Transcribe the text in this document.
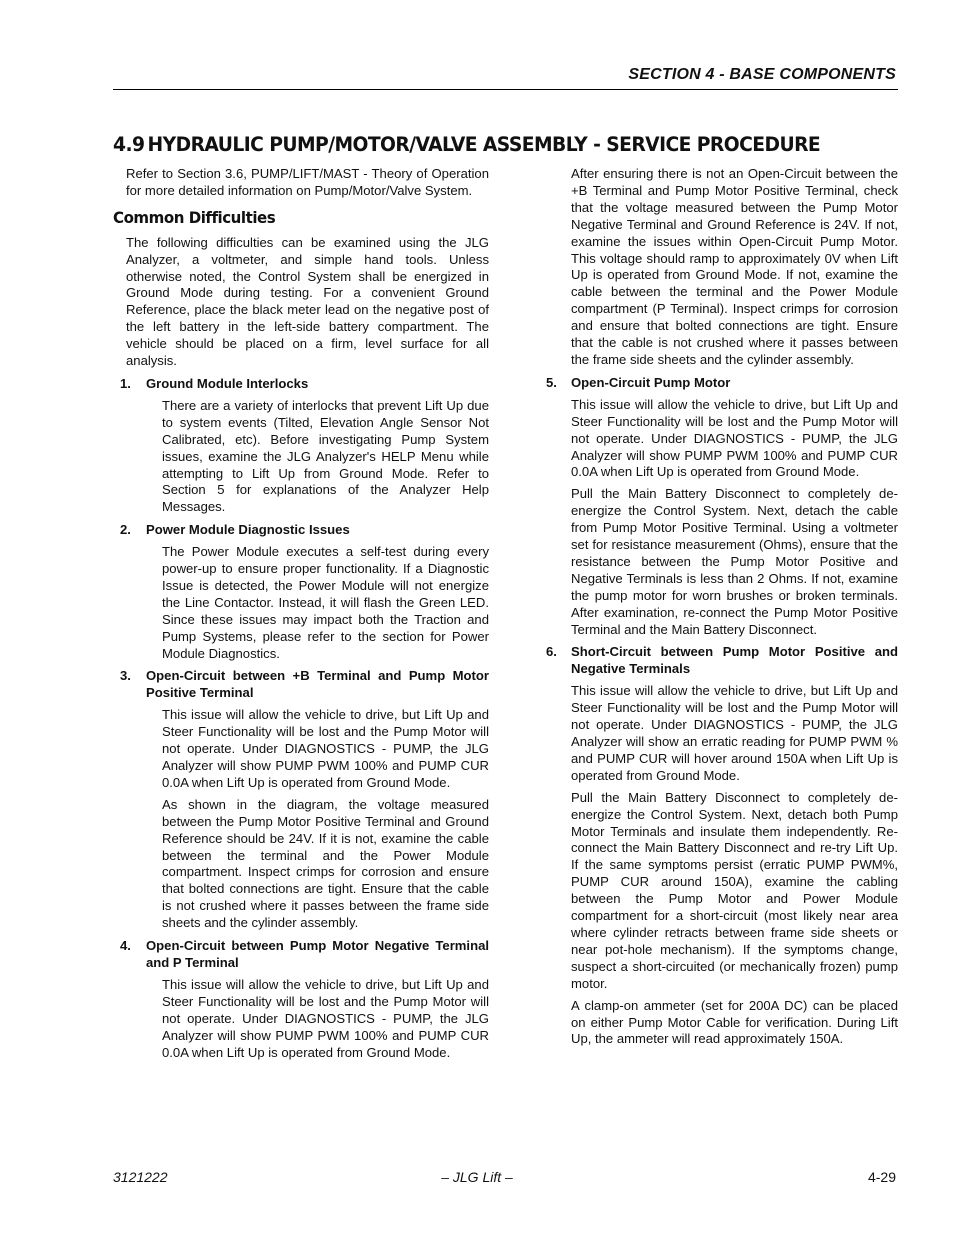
SECTION 4 - BASE COMPONENTS
4.9 HYDRAULIC PUMP/MOTOR/VALVE ASSEMBLY - SERVICE PROCEDURE

Refer to Section 3.6, PUMP/LIFT/MAST - Theory of Operation for more detailed information on Pump/Motor/Valve System.

Common Difficulties

The following difficulties can be examined using the JLG Analyzer, a voltmeter, and simple hand tools. Unless otherwise noted, the Control System shall be energized in Ground Mode during testing. For a convenient Ground Reference, place the black meter lead on the negative post of the left battery in the left-side battery compartment. The vehicle should be placed on a firm, level surface for all analysis.

1.	Ground Module Interlocks

There are a variety of interlocks that prevent Lift Up due to system events (Tilted, Elevation Angle Sensor Not Calibrated, etc). Before investigating Pump System issues, examine the JLG Analyzer's HELP Menu while attempting to Lift Up from Ground Mode. Refer to Section 5 for explanations of the Analyzer Help Messages.

2.	Power Module Diagnostic Issues

The Power Module executes a self-test during every power-up to ensure proper functionality. If a Diagnostic Issue is detected, the Power Module will not energize the Line Contactor. Instead, it will flash the Green LED. Since these issues may impact both the Traction and Pump Systems, please refer to the section for Power Module Diagnostics.

3.	Open-Circuit between +B Terminal and Pump Motor Positive Terminal

This issue will allow the vehicle to drive, but Lift Up and Steer Functionality will be lost and the Pump Motor will not operate. Under DIAGNOSTICS - PUMP, the JLG Analyzer will show PUMP PWM 100% and PUMP CUR 0.0A when Lift Up is operated from Ground Mode.

As shown in the diagram, the voltage measured between the Pump Motor Positive Terminal and Ground Reference should be 24V. If it is not, examine the cable between the terminal and the Power Module compartment. Inspect crimps for corrosion and ensure that bolted connections are tight. Ensure that the cable is not crushed where it passes between the frame side sheets and the cylinder assembly.

4.	Open-Circuit between Pump Motor Negative Terminal and P Terminal

This issue will allow the vehicle to drive, but Lift Up and Steer Functionality will be lost and the Pump Motor will not operate. Under DIAGNOSTICS - PUMP, the JLG Analyzer will show PUMP PWM 100% and PUMP CUR 0.0A when Lift Up is operated from Ground Mode.

After ensuring there is not an Open-Circuit between the +B Terminal and Pump Motor Positive Terminal, check that the voltage measured between the Pump Motor Negative Terminal and Ground Reference is 24V. If not, examine the issues within Open-Circuit Pump Motor. This voltage should ramp to approximately 0V when Lift Up is operated from Ground Mode. If not, examine the cable between the terminal and the Power Module compartment (P Terminal). Inspect crimps for corrosion and ensure that bolted connections are tight. Ensure that the cable is not crushed where it passes between the frame side sheets and the cylinder assembly.

5.	Open-Circuit Pump Motor

This issue will allow the vehicle to drive, but Lift Up and Steer Functionality will be lost and the Pump Motor will not operate. Under DIAGNOSTICS - PUMP, the JLG Analyzer will show PUMP PWM 100% and PUMP CUR 0.0A when Lift Up is operated from Ground Mode.

Pull the Main Battery Disconnect to completely de-energize the Control System. Next, detach the cable from Pump Motor Positive Terminal. Using a voltmeter set for resistance measurement (Ohms), ensure that the resistance between the Pump Motor Positive and Negative Terminals is less than 2 Ohms. If not, examine the pump motor for worn brushes or broken terminals. After examination, re-connect the Pump Motor Positive Terminal and the Main Battery Disconnect.

6.	Short-Circuit between Pump Motor Positive and Negative Terminals

This issue will allow the vehicle to drive, but Lift Up and Steer Functionality will be lost and the Pump Motor will not operate. Under DIAGNOSTICS - PUMP, the JLG Analyzer will show an erratic reading for PUMP PWM % and PUMP CUR will hover around 150A when Lift Up is operated from Ground Mode.

Pull the Main Battery Disconnect to completely de-energize the Control System. Next, detach both Pump Motor Terminals and insulate them independently. Re-connect the Main Battery Disconnect and re-try Lift Up. If the same symptoms persist (erratic PUMP PWM%, PUMP CUR around 150A), examine the cabling between the Pump Motor and Power Module compartment for a short-circuit (most likely near area where cylinder retracts between frame side sheets or near pot-hole mechanism). If the symptoms change, suspect a short-circuited (or mechanically frozen) pump motor.

A clamp-on ammeter (set for 200A DC) can be placed on either Pump Motor Cable for verification. During Lift Up, the ammeter will read approximately 150A.

3121222	– JLG Lift –	4-29
